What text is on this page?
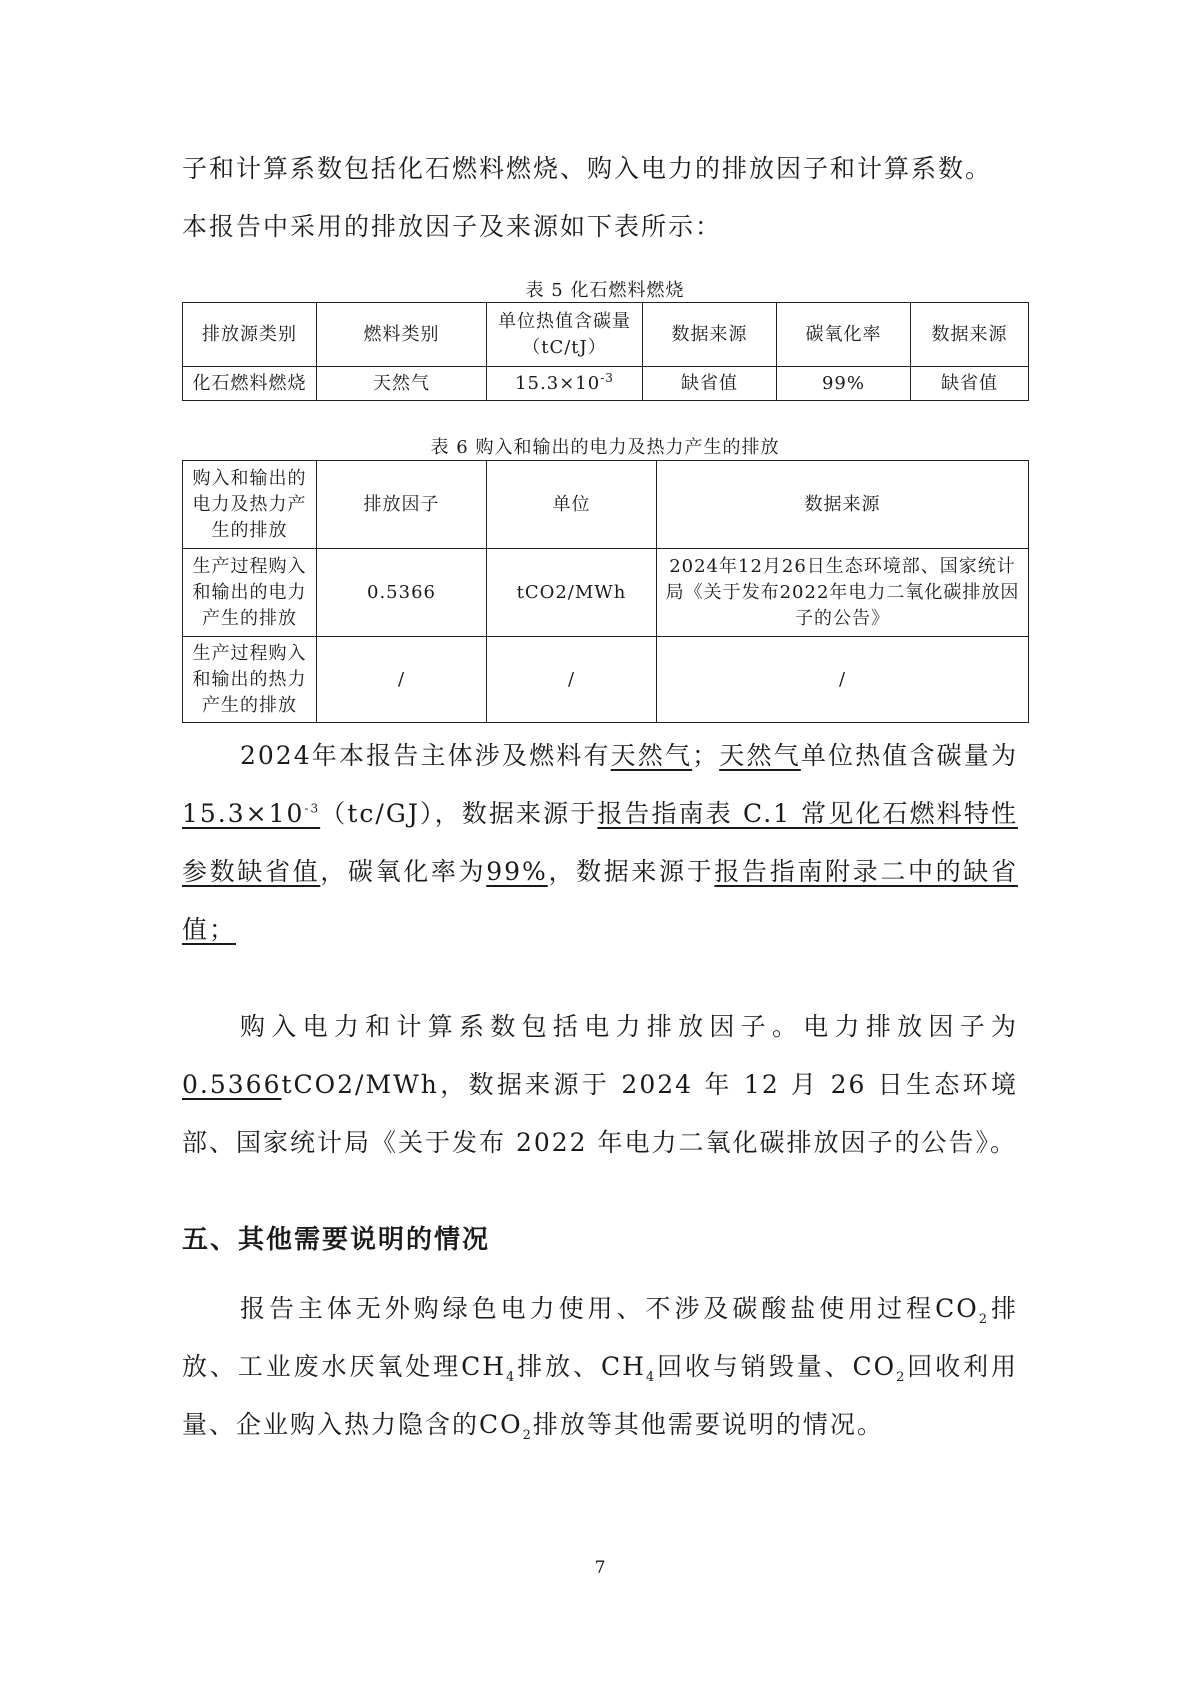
子和计算系数包括化石燃料燃烧、购入电力的排放因子和计算系数。
本报告中采用的排放因子及来源如下表所示：
表 5 化石燃料燃烧
排放源类别	燃料类别	单位热值含碳量（tC/tJ）	数据来源	碳氧化率	数据来源
化石燃料燃烧	天然气	$15.3\times 10^{-3}$	缺省值	99%	缺省值
表 6 购入和输出的电力及热力产生的排放
购入和输出的电力及热力产生的排放	排放因子	单位	数据来源
生产过程购入和输出的电力产生的排放	0.5366	tCO2/MWh	2024年12月26日生态环境部、国家统计局《关于发布2022年电力二氧化碳排放因子的公告》
生产过程购入和输出的热力产生的排放	/	/	/
2024年本报告主体涉及燃料有天然气；天然气单位热值含碳量为$15.3\times 10^{-3}(tc/GJ)$，数据来源于报告指南表 C.1 常见化石燃料特性参数缺省值，碳氧化率为99%，数据来源于报告指南附录二中的缺省值；
购入电力和计算系数包括电力排放因子。电力排放因子为0.5366tCO2/MWh，数据来源于 2024 年 12 月 26 日生态环境部、国家统计局《关于发布 2022 年电力二氧化碳排放因子的公告》。
五、其他需要说明的情况
报告主体无外购绿色电力使用、不涉及碳酸盐使用过程$CO_2$排放、工业废水厌氧处理$CH_4$排放、$CH_4$回收与销毁量、$CO_2$回收利用量、企业购入热力隐含的$CO_2$排放等其他需要说明的情况。
7
